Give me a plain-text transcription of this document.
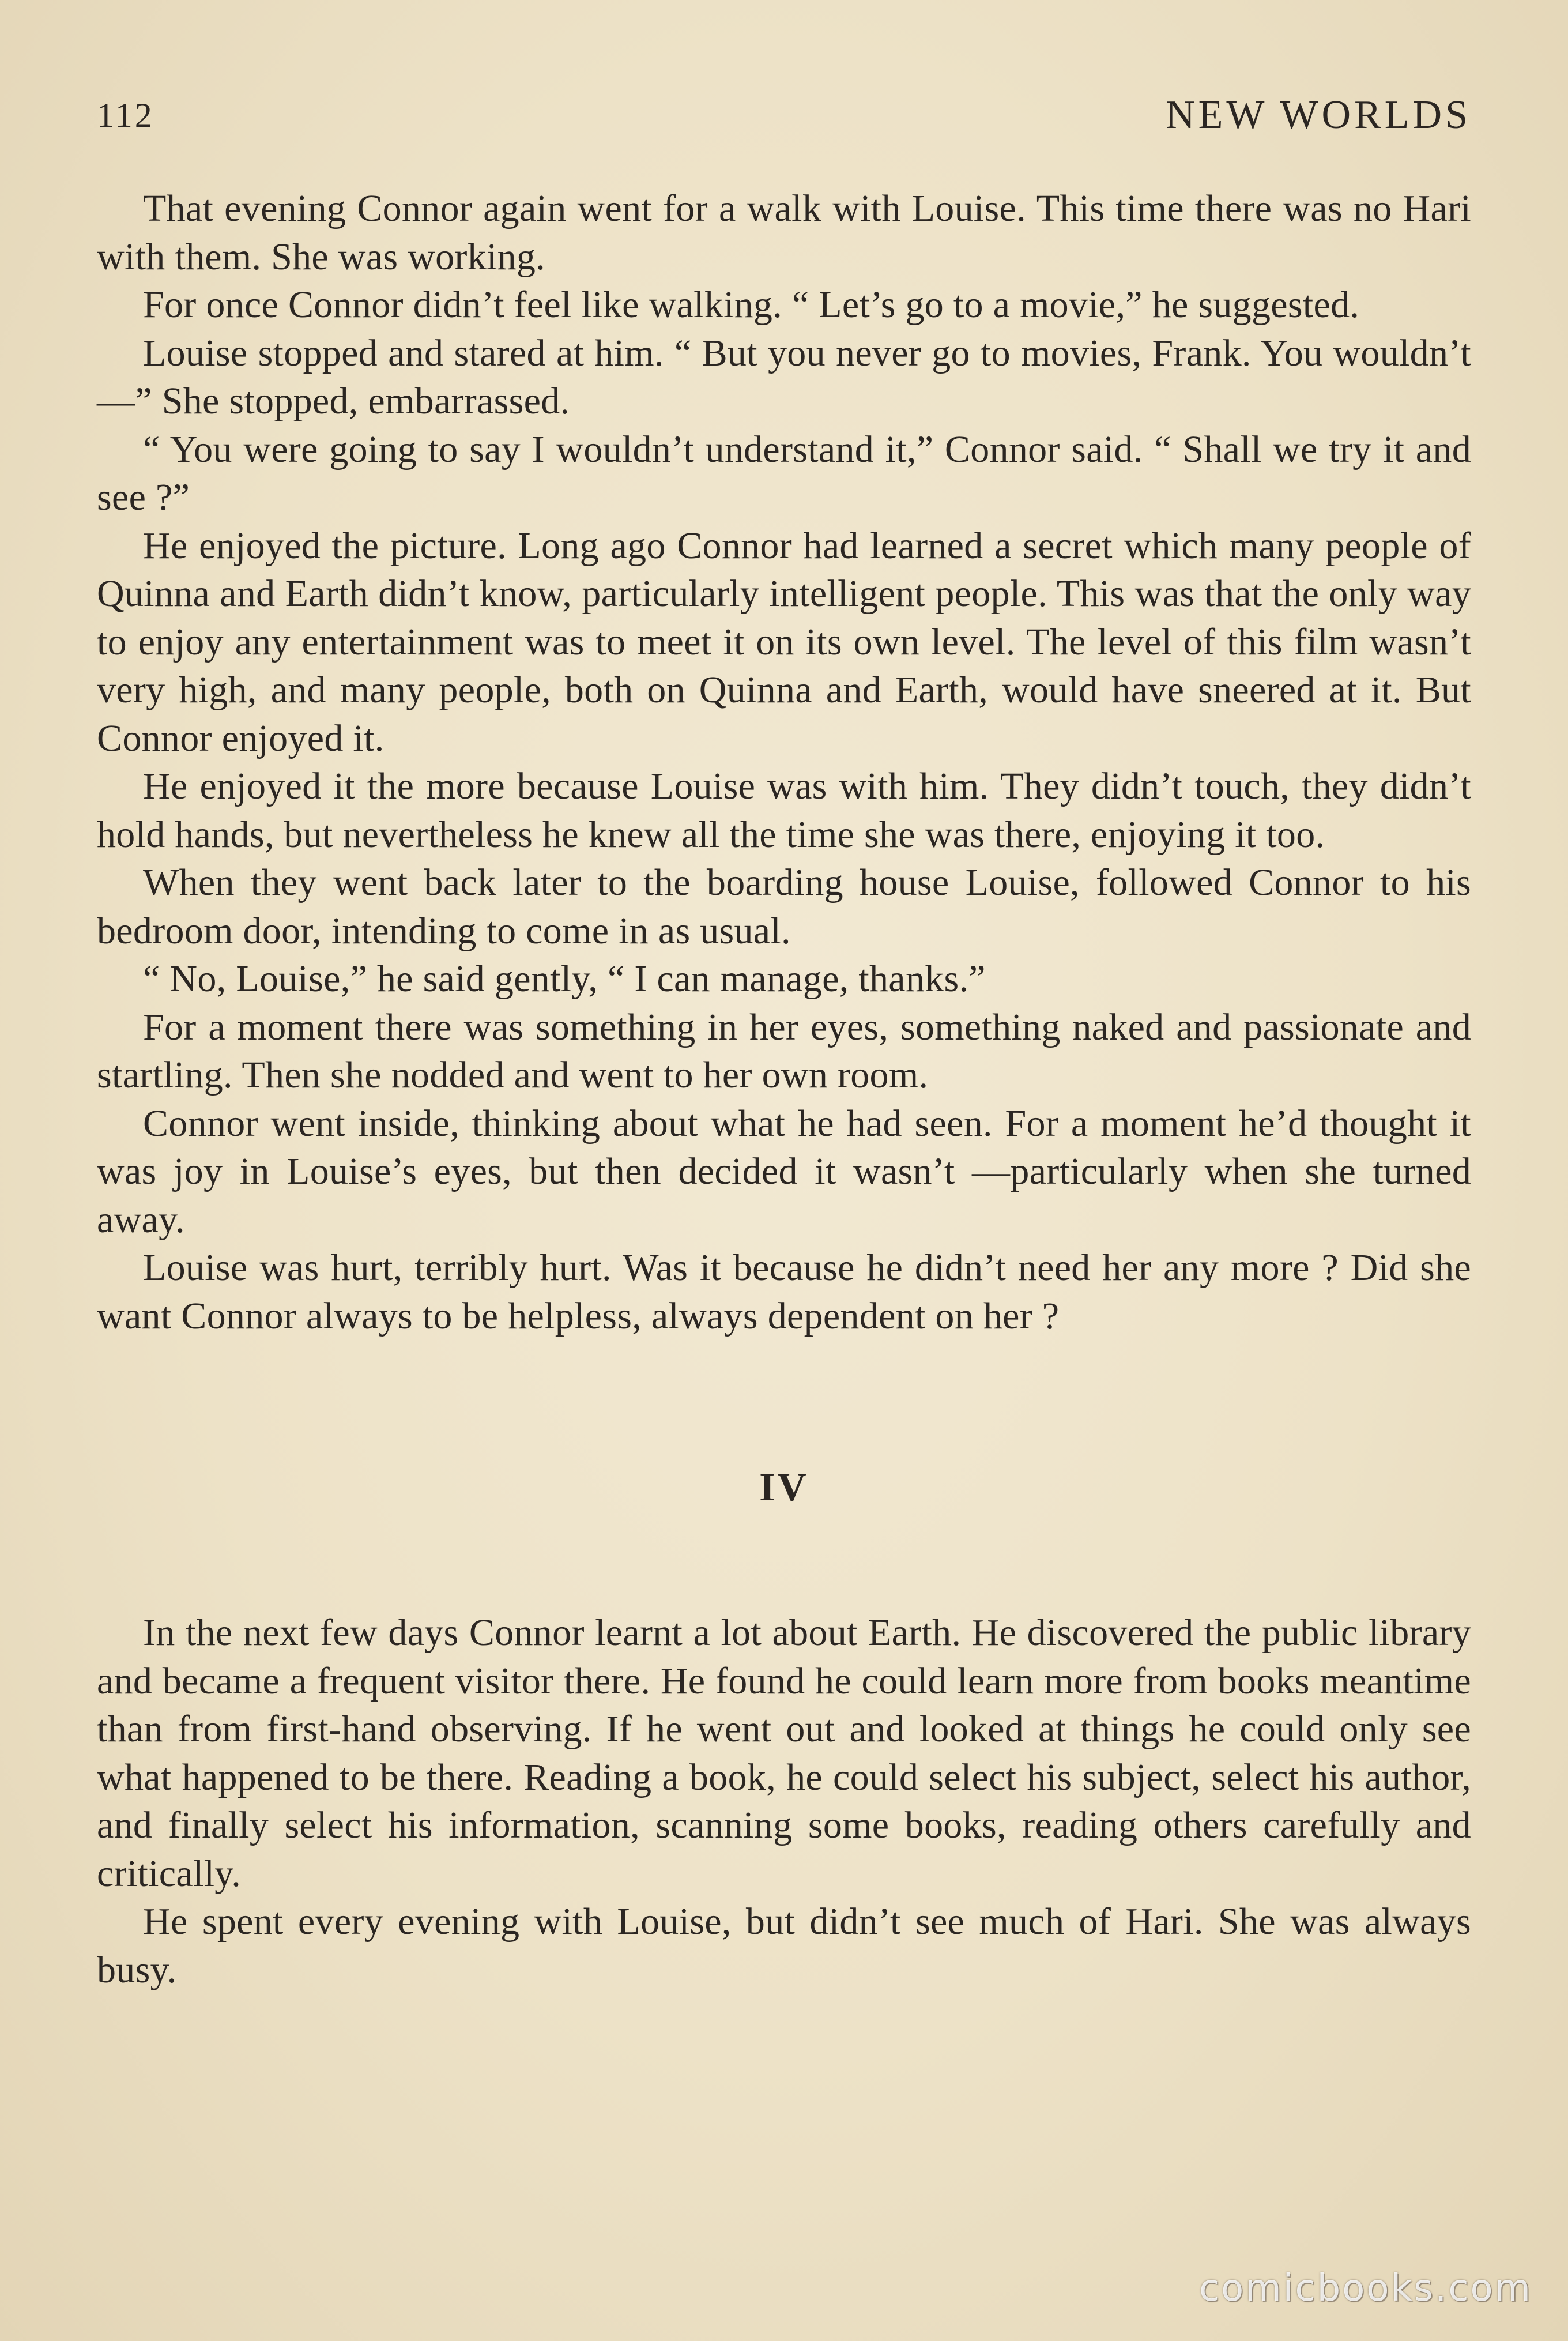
112	NEW WORLDS

That evening Connor again went for a walk with Louise. This time there was no Hari with them. She was working.

For once Connor didn’t feel like walking. “ Let’s go to a movie,” he suggested.

Louise stopped and stared at him. “ But you never go to movies, Frank. You wouldn’t—” She stopped, embarrassed.

“ You were going to say I wouldn’t understand it,” Connor said. “ Shall we try it and see ?”

He enjoyed the picture. Long ago Connor had learned a secret which many people of Quinna and Earth didn’t know, particularly intelligent people. This was that the only way to enjoy any entertainment was to meet it on its own level. The level of this film wasn’t very high, and many people, both on Quinna and Earth, would have sneered at it. But Connor enjoyed it.

He enjoyed it the more because Louise was with him. They didn’t touch, they didn’t hold hands, but nevertheless he knew all the time she was there, enjoying it too.

When they went back later to the boarding house Louise, followed Connor to his bedroom door, intending to come in as usual.

“ No, Louise,” he said gently, “ I can manage, thanks.”

For a moment there was something in her eyes, something naked and passionate and startling. Then she nodded and went to her own room.

Connor went inside, thinking about what he had seen. For a moment he’d thought it was joy in Louise’s eyes, but then decided it wasn’t —particularly when she turned away.

Louise was hurt, terribly hurt. Was it because he didn’t need her any more ? Did she want Connor always to be helpless, always dependent on her ?

IV

In the next few days Connor learnt a lot about Earth. He discovered the public library and became a frequent visitor there. He found he could learn more from books meantime than from first-hand observing. If he went out and looked at things he could only see what happened to be there. Reading a book, he could select his subject, select his author, and finally select his information, scanning some books, reading others carefully and critically.

He spent every evening with Louise, but didn’t see much of Hari. She was always busy.

comicbooks.com
